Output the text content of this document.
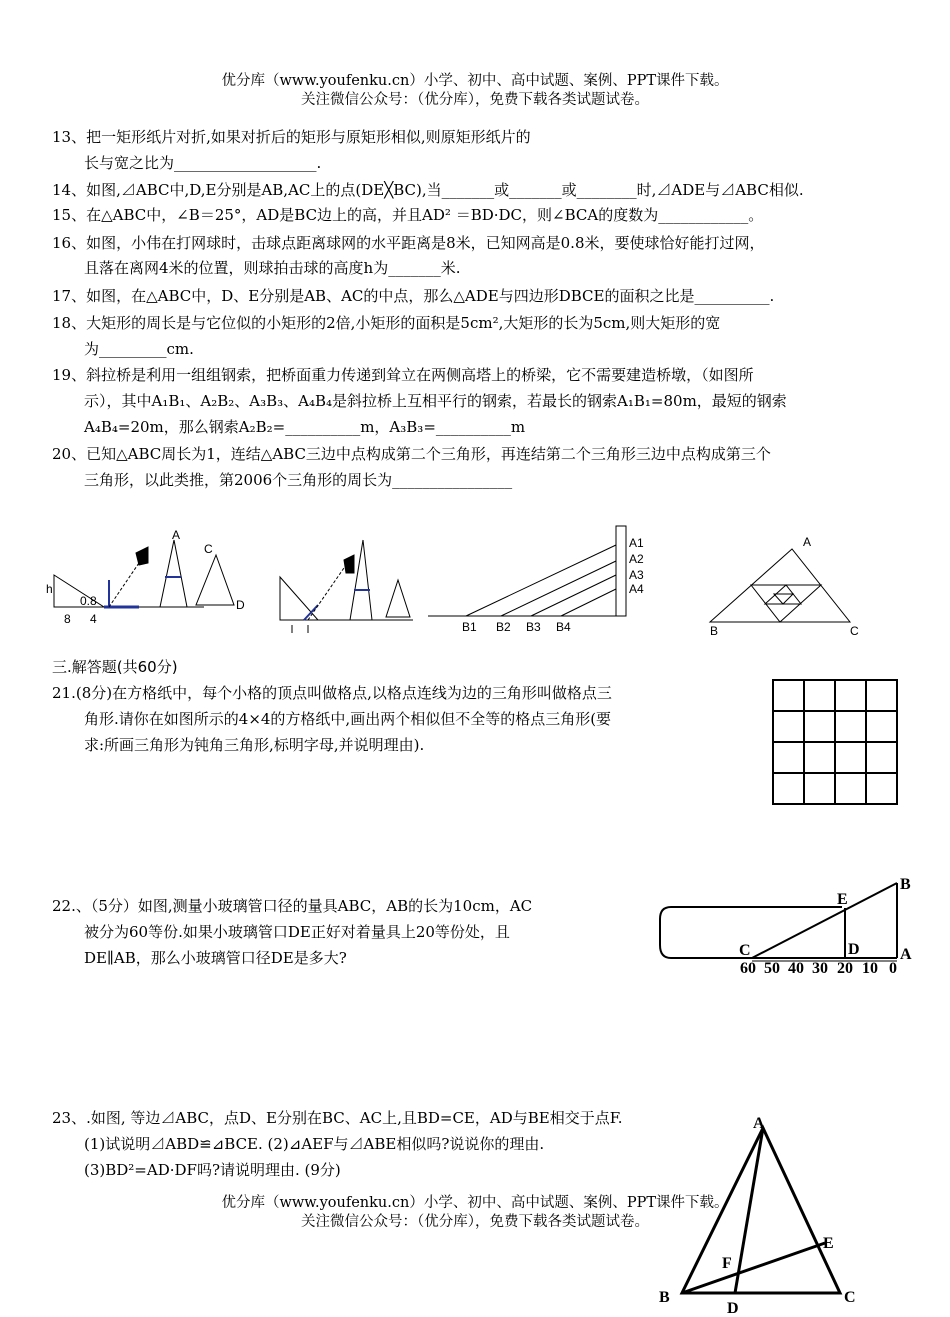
优分库（www.youfenku.cn）小学、初中、高中试题、案例、PPT课件下载。
关注微信公众号：（优分库），免费下载各类试题试卷。
13、把一矩形纸片对折,如果对折后的矩形与原矩形相似,则原矩形纸片的
长与宽之比为___________________.
14、如图,⊿ABC中,D,E分别是AB,AC上的点(DE╳BC),当_______或_______或________时,⊿ADE与⊿ABC相似.
15、在△ABC中，∠B＝25°，AD是BC边上的高，并且AD² ＝BD·DC，则∠BCA的度数为____________。
16、如图，小伟在打网球时，击球点距离球网的水平距离是8米，已知网高是0.8米，要使球恰好能打过网，
且落在离网4米的位置，则球拍击球的高度h为_______米.
17、如图，在△ABC中，D、E分别是AB、AC的中点，那么△ADE与四边形DBCE的面积之比是__________.
18、大矩形的周长是与它位似的小矩形的2倍,小矩形的面积是5cm²,大矩形的长为5cm,则大矩形的宽
为_________cm.
19、斜拉桥是利用一组组钢索，把桥面重力传递到耸立在两侧高塔上的桥梁，它不需要建造桥墩，（如图所
示），其中A₁B₁、A₂B₂、A₃B₃、A₄B₄是斜拉桥上互相平行的钢索，若最长的钢索A₁B₁=80m，最短的钢索
A₄B₄=20m，那么钢索A₂B₂=__________m，A₃B₃=__________m
20、已知△ABC周长为1，连结△ABC三边中点构成第二个三角形，再连结第二个三角形三边中点构成第三个
三角形，以此类推，第2006个三角形的周长为________________
h
0.8
8 4
A
C
D
A1
A2
A3
A4
B1 B2 B3 B4
A
B	C
三.解答题(共60分)
21.(8分)在方格纸中，每个小格的顶点叫做格点,以格点连线为边的三角形叫做格点三
角形.请你在如图所示的4×4的方格纸中,画出两个相似但不全等的格点三角形(要
求:所画三角形为钝角三角形,标明字母,并说明理由).
22.、（5分）如图,测量小玻璃管口径的量具ABC，AB的长为10cm，AC
被分为60等份.如果小玻璃管口DE正好对着量具上20等份处，且
DE∥AB，那么小玻璃管口径DE是多大?
B
E
C	D	A
60 50 40 30 20 10 0
23、.如图, 等边⊿ABC，点D、E分别在BC、AC上,且BD=CE，AD与BE相交于点F.
(1)试说明⊿ABD≌⊿BCE. (2)⊿AEF与⊿ABE相似吗?说说你的理由.
(3)BD²=AD·DF吗?请说明理由. (9分)
A
B	C
D
E
F
优分库（www.youfenku.cn）小学、初中、高中试题、案例、PPT课件下载。
关注微信公众号：（优分库），免费下载各类试题试卷。
